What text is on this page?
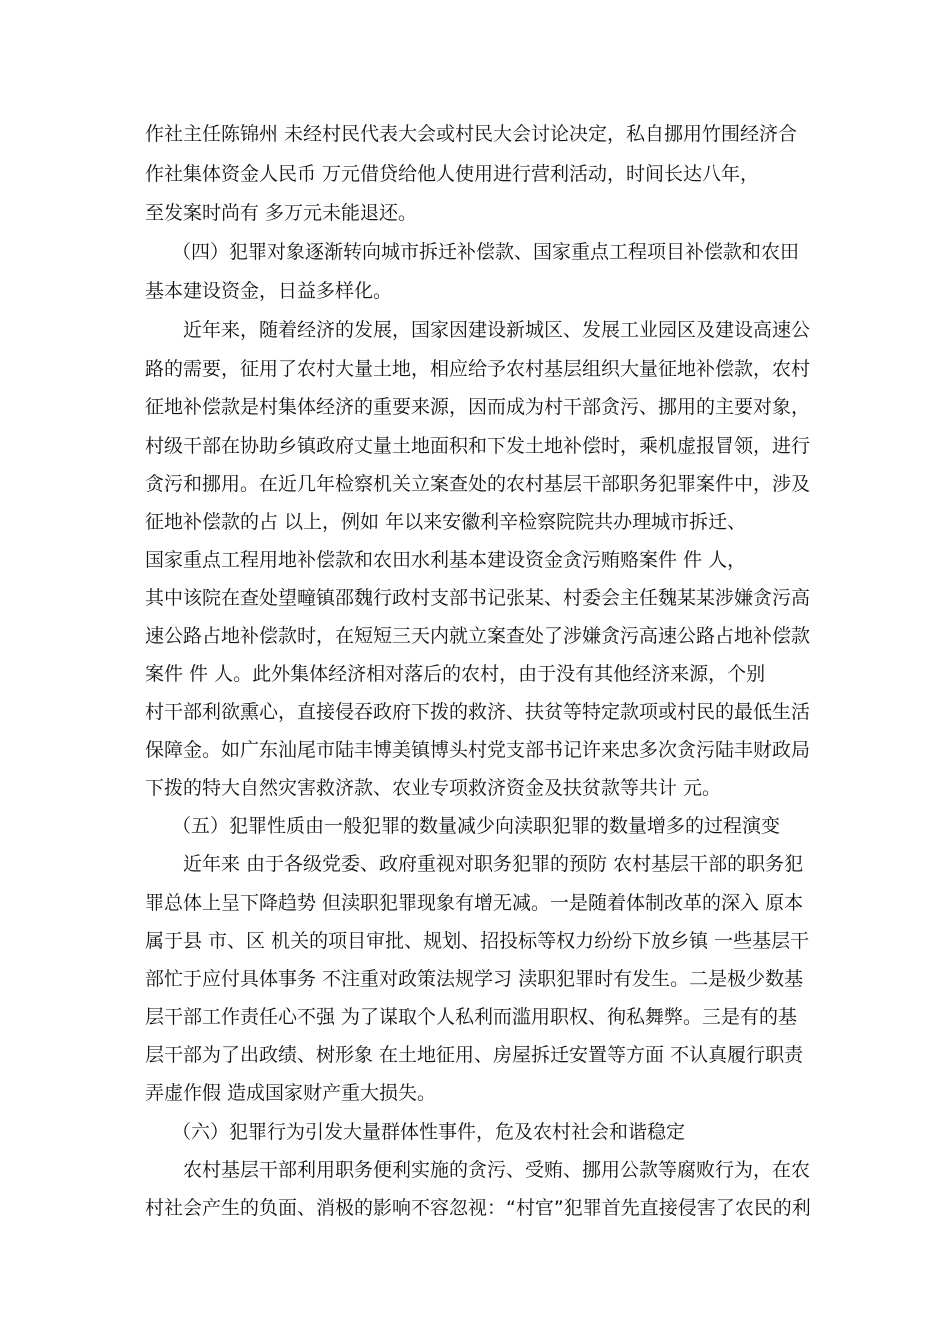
作社主任陈锦州 未经村民代表大会或村民大会讨论决定，私自挪用竹围经济合
作社集体资金人民币 万元借贷给他人使用进行营利活动，时间长达八年，
至发案时尚有 多万元未能退还。
（四）犯罪对象逐渐转向城市拆迁补偿款、国家重点工程项目补偿款和农田
基本建设资金，日益多样化。
近年来，随着经济的发展，国家因建设新城区、发展工业园区及建设高速公
路的需要，征用了农村大量土地，相应给予农村基层组织大量征地补偿款，农村
征地补偿款是村集体经济的重要来源，因而成为村干部贪污、挪用的主要对象，
村级干部在协助乡镇政府丈量土地面积和下发土地补偿时，乘机虚报冒领，进行
贪污和挪用。在近几年检察机关立案查处的农村基层干部职务犯罪案件中，涉及
征地补偿款的占 以上，例如 年以来安徽利辛检察院院共办理城市拆迁、
国家重点工程用地补偿款和农田水利基本建设资金贪污贿赂案件 件 人，
其中该院在查处望疃镇邵魏行政村支部书记张某、村委会主任魏某某涉嫌贪污高
速公路占地补偿款时，在短短三天内就立案查处了涉嫌贪污高速公路占地补偿款
案件 件 人。此外集体经济相对落后的农村，由于没有其他经济来源，个别
村干部利欲熏心，直接侵吞政府下拨的救济、扶贫等特定款项或村民的最低生活
保障金。如广东汕尾市陆丰博美镇博头村党支部书记许来忠多次贪污陆丰财政局
下拨的特大自然灾害救济款、农业专项救济资金及扶贫款等共计 元。
（五）犯罪性质由一般犯罪的数量减少向渎职犯罪的数量增多的过程演变
近年来 由于各级党委、政府重视对职务犯罪的预防 农村基层干部的职务犯
罪总体上呈下降趋势 但渎职犯罪现象有增无减。一是随着体制改革的深入 原本
属于县 市、区 机关的项目审批、规划、招投标等权力纷纷下放乡镇 一些基层干
部忙于应付具体事务 不注重对政策法规学习 渎职犯罪时有发生。二是极少数基
层干部工作责任心不强 为了谋取个人私利而滥用职权、徇私舞弊。三是有的基
层干部为了出政绩、树形象 在土地征用、房屋拆迁安置等方面 不认真履行职责
弄虚作假 造成国家财产重大损失。
（六）犯罪行为引发大量群体性事件，危及农村社会和谐稳定
农村基层干部利用职务便利实施的贪污、受贿、挪用公款等腐败行为，在农
村社会产生的负面、消极的影响不容忽视：“村官”犯罪首先直接侵害了农民的利
